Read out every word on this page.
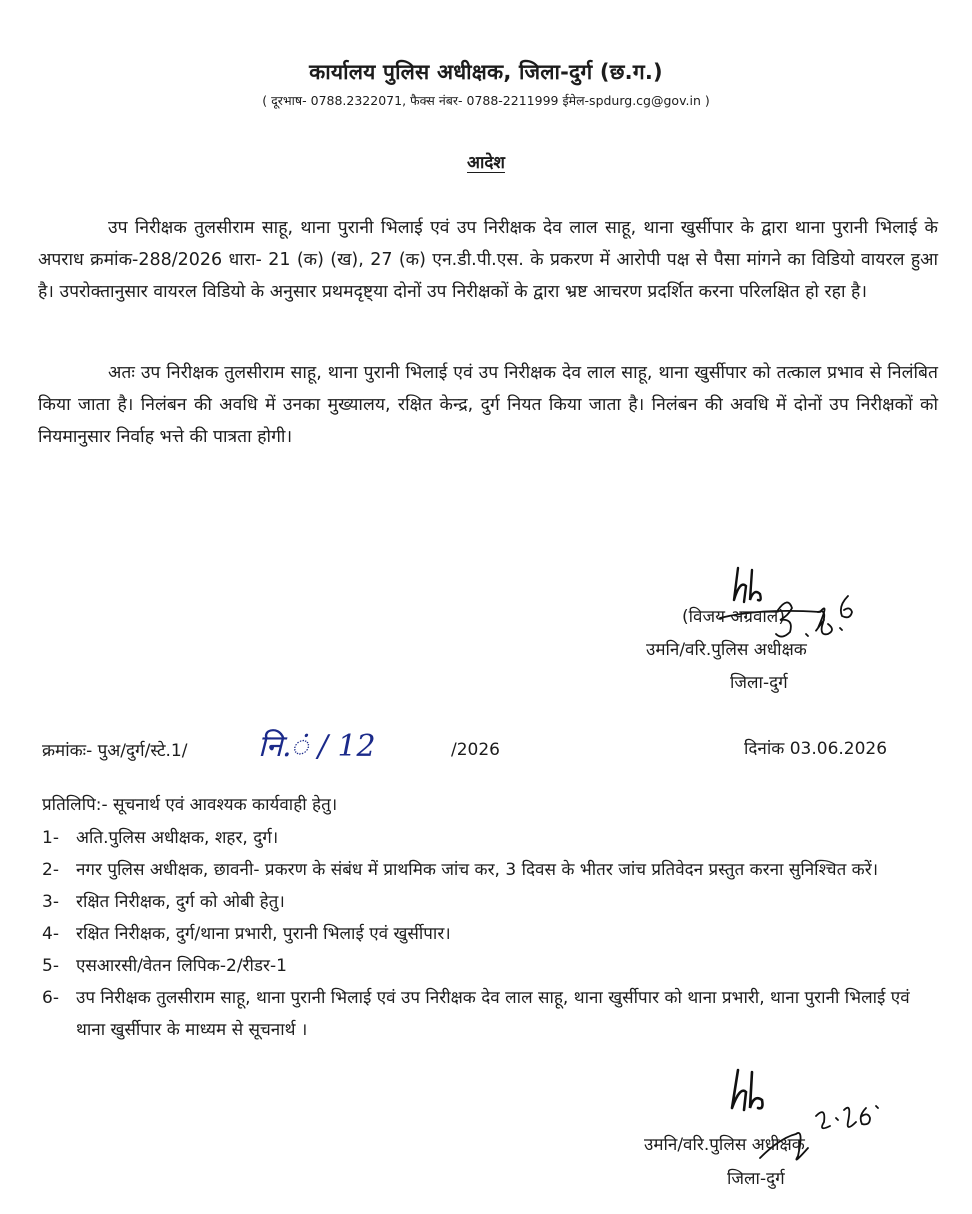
कार्यालय पुलिस अधीक्षक, जिला-दुर्ग (छ.ग.)
( दूरभाष- 0788.2322071, फैक्स नंबर- 0788-2211999 ईमेल-spdurg.cg@gov.in )
आदेश
उप निरीक्षक तुलसीराम साहू, थाना पुरानी भिलाई एवं उप निरीक्षक देव लाल साहू, थाना खुर्सीपार के द्वारा थाना पुरानी भिलाई के अपराध क्रमांक-288/2026 धारा- 21 (क) (ख), 27 (क) एन.डी.पी.एस. के प्रकरण में आरोपी पक्ष से पैसा मांगने का विडियो वायरल हुआ है। उपरोक्तानुसार वायरल विडियो के अनुसार प्रथमदृष्ट्या दोनों उप निरीक्षकों के द्वारा भ्रष्ट आचरण प्रदर्शित करना परिलक्षित हो रहा है।
अतः उप निरीक्षक तुलसीराम साहू, थाना पुरानी भिलाई एवं उप निरीक्षक देव लाल साहू, थाना खुर्सीपार को तत्काल प्रभाव से निलंबित किया जाता है। निलंबन की अवधि में उनका मुख्यालय, रक्षित केन्द्र, दुर्ग नियत किया जाता है। निलंबन की अवधि में दोनों उप निरीक्षकों को नियमानुसार निर्वाह भत्ते की पात्रता होगी।
(विजय अग्रवाल)
उमनि/वरि.पुलिस अधीक्षक
जिला-दुर्ग
क्रमांकः- पुअ/दुर्ग/स्टे.1/ नि.ं / 12	/2026	दिनांक 03.06.2026
प्रतिलिपि:- सूचनार्थ एवं आवश्यक कार्यवाही हेतु।
1-	अति.पुलिस अधीक्षक, शहर, दुर्ग।
2-	नगर पुलिस अधीक्षक, छावनी- प्रकरण के संबंध में प्राथमिक जांच कर, 3 दिवस के भीतर जांच प्रतिवेदन प्रस्तुत करना सुनिश्चित करें।
3-	रक्षित निरीक्षक, दुर्ग को ओबी हेतु।
4-	रक्षित निरीक्षक, दुर्ग/थाना प्रभारी, पुरानी भिलाई एवं खुर्सीपार।
5-	एसआरसी/वेतन लिपिक-2/रीडर-1
6-	उप निरीक्षक तुलसीराम साहू, थाना पुरानी भिलाई एवं उप निरीक्षक देव लाल साहू, थाना खुर्सीपार को थाना प्रभारी, थाना पुरानी भिलाई एवं थाना खुर्सीपार के माध्यम से सूचनार्थ ।
उमनि/वरि.पुलिस अधीक्षक
जिला-दुर्ग
